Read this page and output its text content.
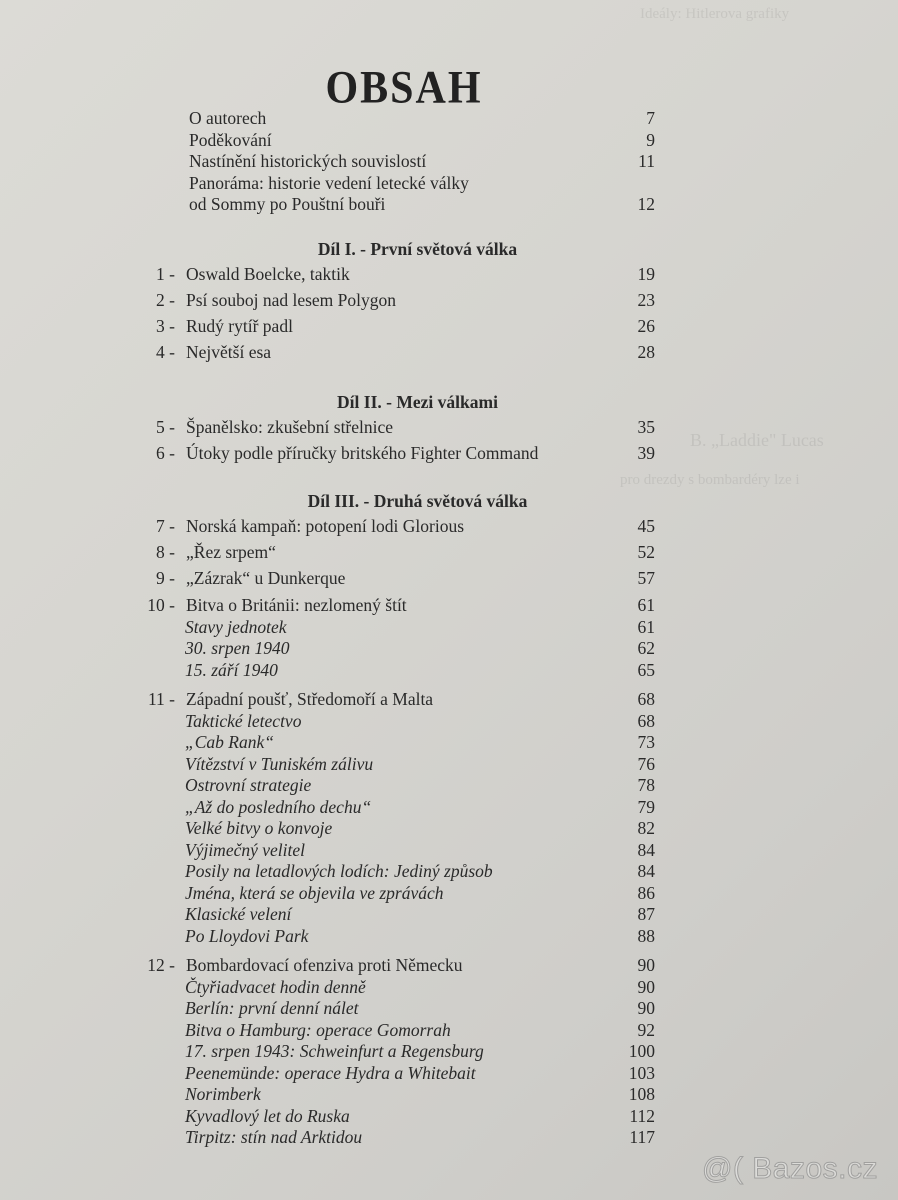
Ideály: Hitlerova grafiky
B. „Laddie" Lucas
pro drezdy s bombardéry lze i
OBSAH
O autorech	7
Poděkování	9
Nastínění historických souvislostí	11
Panoráma: historie vedení letecké války
od Sommy po Pouštní bouři	12
Díl I. - První světová válka
1 - Oswald Boelcke, taktik	19
2 - Psí souboj nad lesem Polygon	23
3 - Rudý rytíř padl	26
4 - Největší esa	28
Díl II. - Mezi válkami
5 - Španělsko: zkušební střelnice	35
6 - Útoky podle příručky britského Fighter Command	39
Díl III. - Druhá světová válka
7 - Norská kampaň: potopení lodi Glorious	45
8 - „Řez srpem“	52
9 - „Zázrak“ u Dunkerque	57
10 - Bitva o Británii: nezlomený štít	61
Stavy jednotek	61
30. srpen 1940	62
15. září 1940	65
11 - Západní poušť, Středomoří a Malta	68
Taktické letectvo	68
„Cab Rank“	73
Vítězství v Tuniském zálivu	76
Ostrovní strategie	78
„Až do posledního dechu“	79
Velké bitvy o konvoje	82
Výjimečný velitel	84
Posily na letadlových lodích: Jediný způsob	84
Jména, která se objevila ve zprávách	86
Klasické velení	87
Po Lloydovi Park	88
12 - Bombardovací ofenziva proti Německu	90
Čtyřiadvacet hodin denně	90
Berlín: první denní nálet	90
Bitva o Hamburg: operace Gomorrah	92
17. srpen 1943: Schweinfurt a Regensburg	100
Peenemünde: operace Hydra a Whitebait	103
Norimberk	108
Kyvadlový let do Ruska	112
Tirpitz: stín nad Arktidou	117
@( Bazos.cz
